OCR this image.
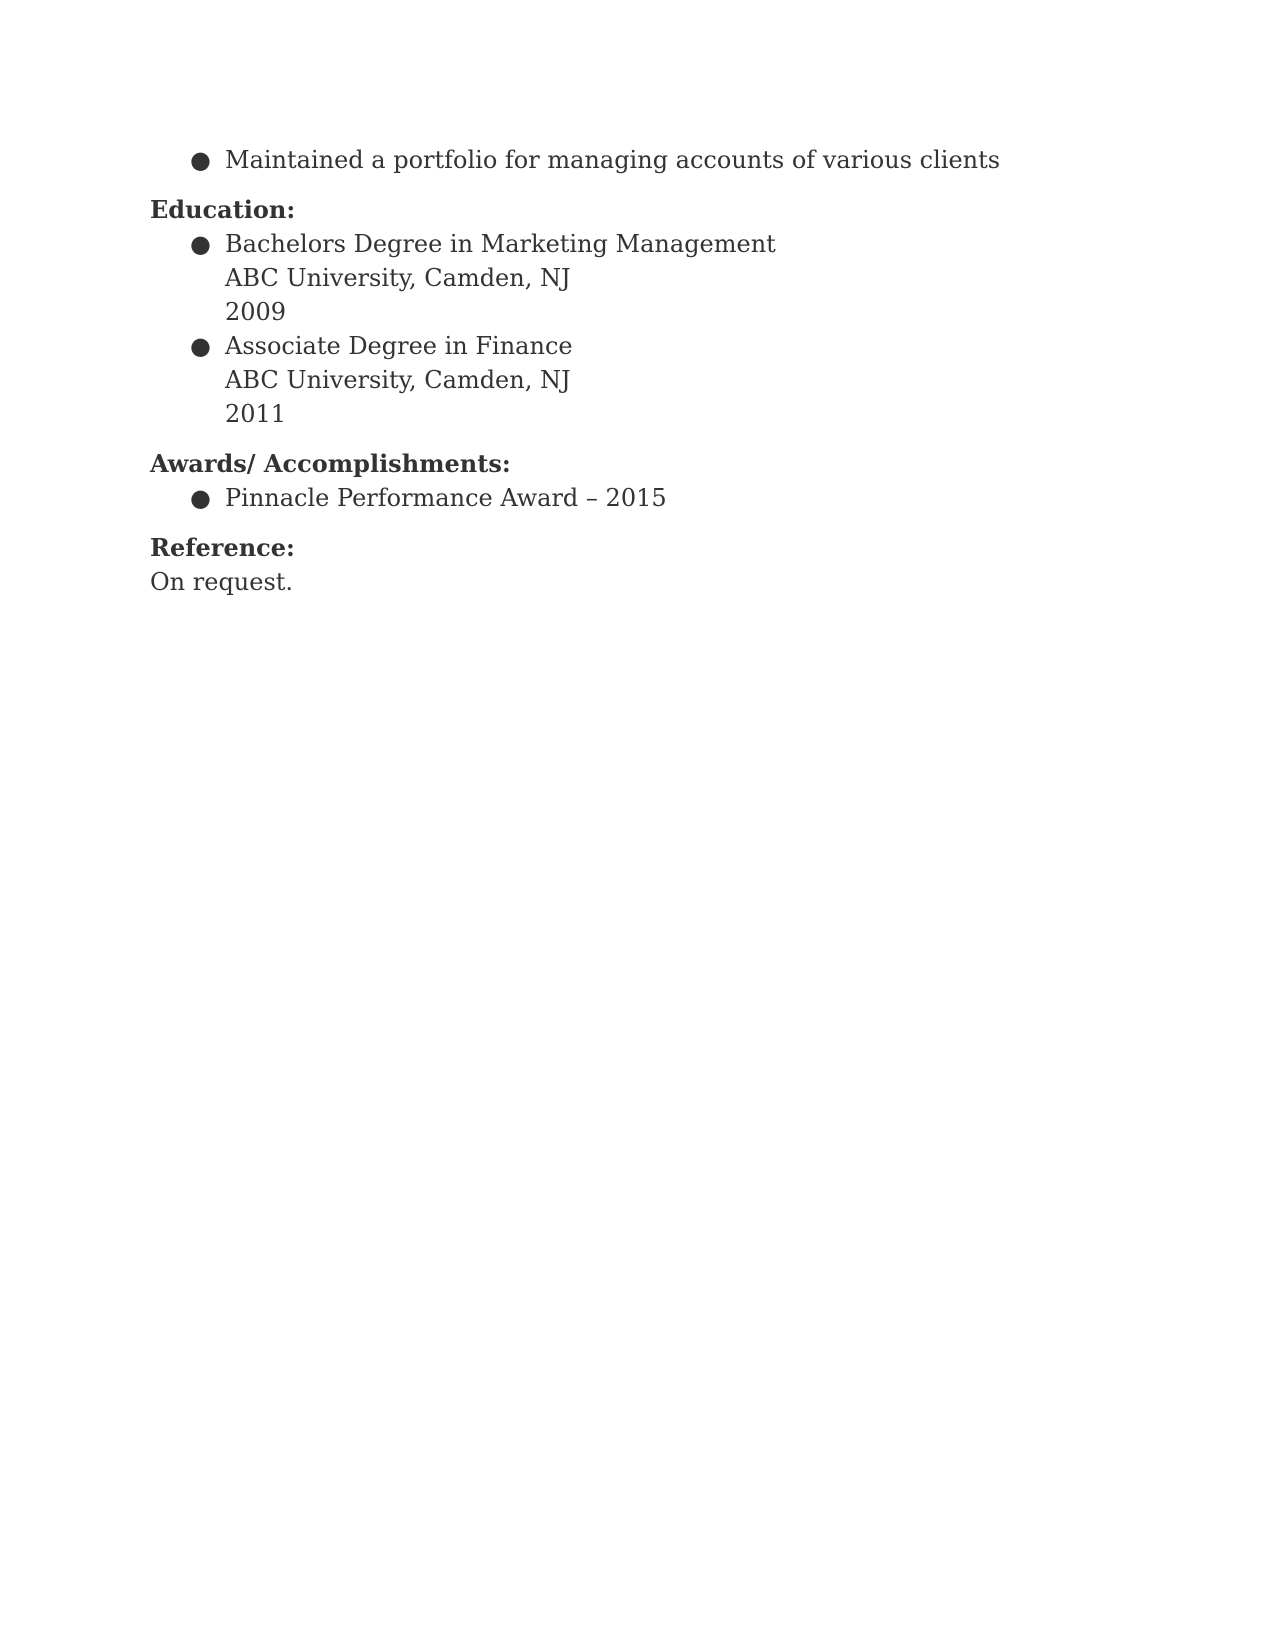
● Maintained a portfolio for managing accounts of various clients
Education:
● Bachelors Degree in Marketing Management
ABC University, Camden, NJ
2009
● Associate Degree in Finance
ABC University, Camden, NJ
2011
Awards/ Accomplishments:
● Pinnacle Performance Award – 2015
Reference:
On request.
